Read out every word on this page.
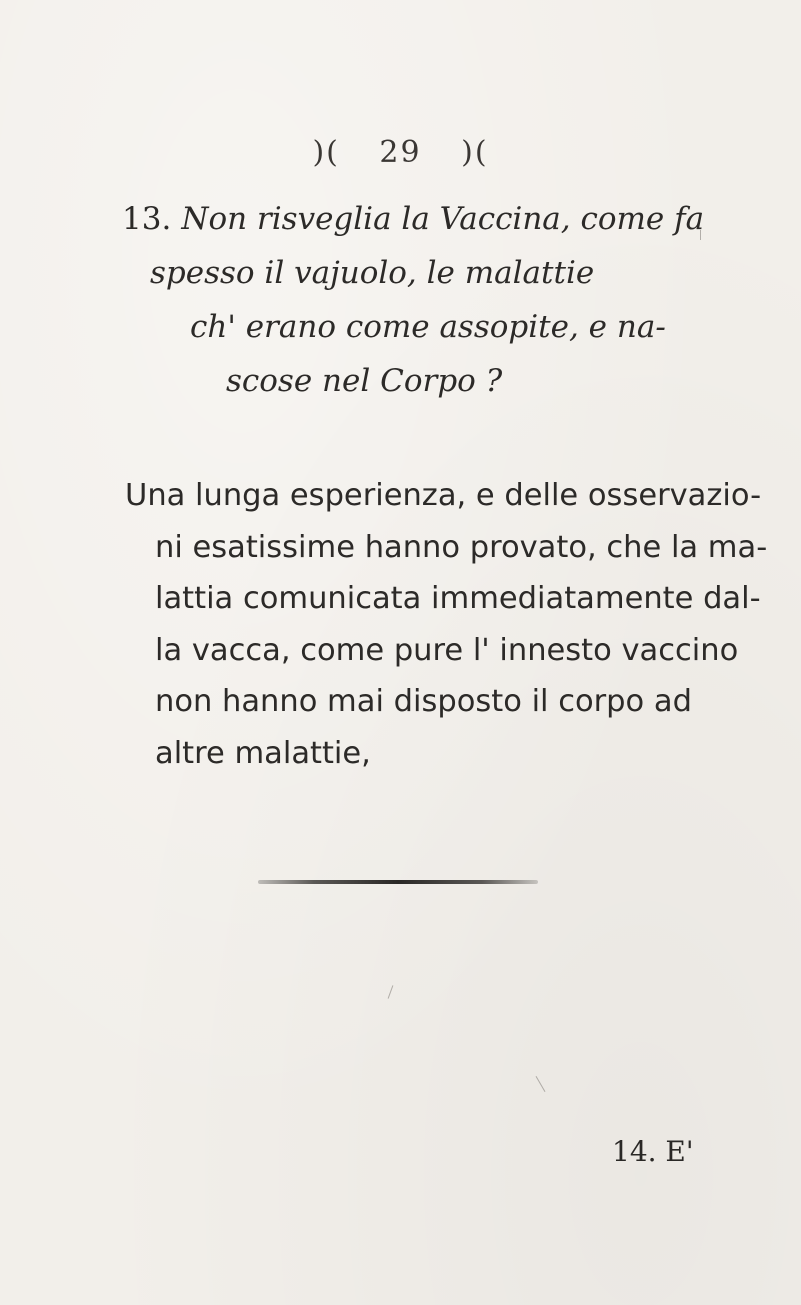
)( 29 )(
13. Non risveglia la Vaccina, come fa
spesso il vajuolo, le malattie
ch' erano come assopite, e na-
scose nel Corpo ?
Una lunga esperienza, e delle osservazio-
ni esatissime hanno provato, che la ma-
lattia comunicata immediatamente dal-
la vacca, come pure l' innesto vaccino
non hanno mai disposto il corpo ad
altre malattie,
14. E'
